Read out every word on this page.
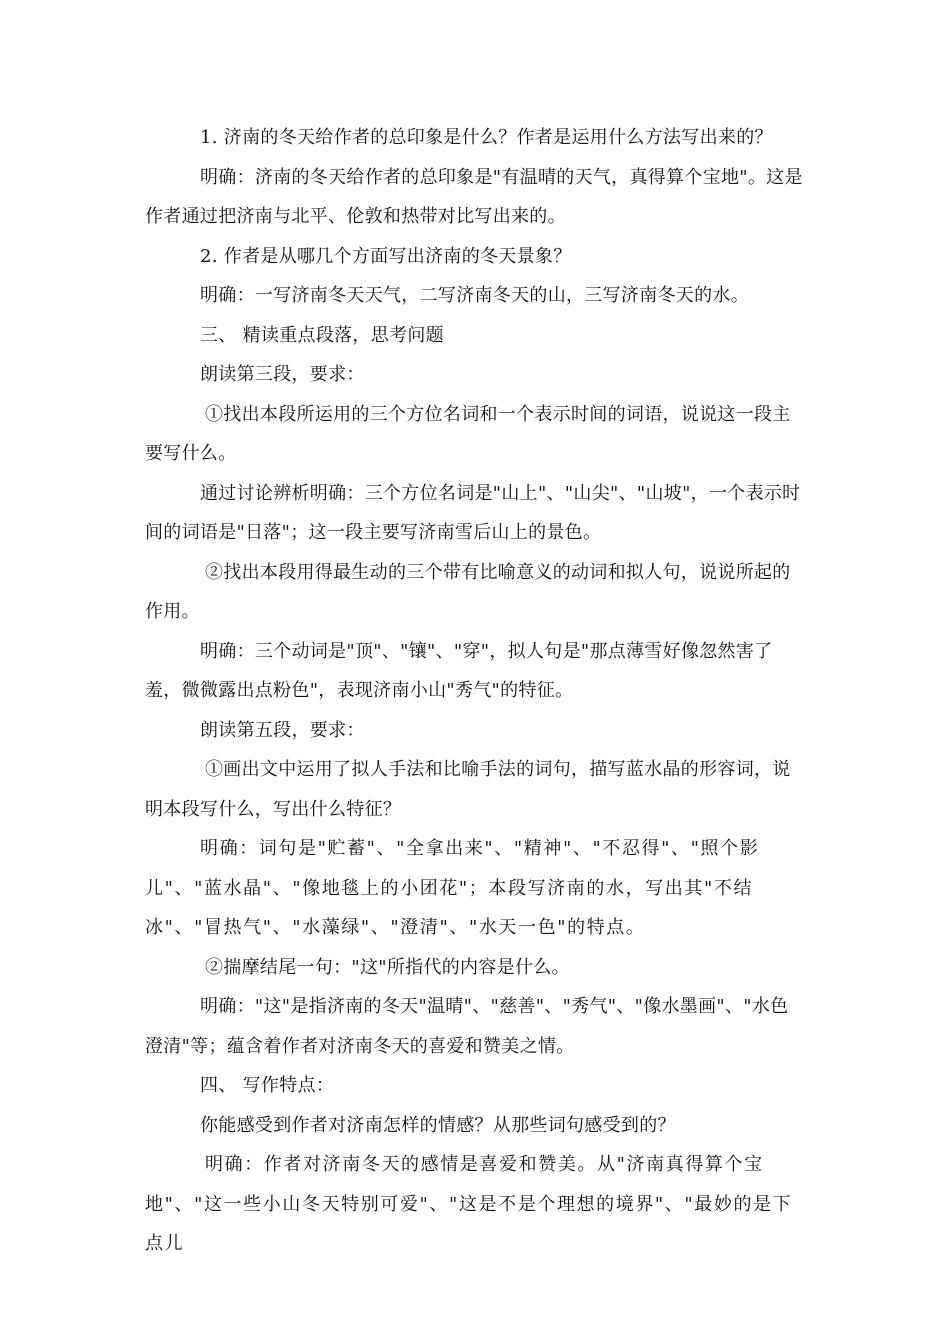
1. 济南的冬天给作者的总印象是什么？作者是运用什么方法写出来的？

明确：济南的冬天给作者的总印象是"有温晴的天气，真得算个宝地"。这是作者通过把济南与北平、伦敦和热带对比写出来的。

2. 作者是从哪几个方面写出济南的冬天景象？

明确：一写济南冬天天气，二写济南冬天的山，三写济南冬天的水。

三、 精读重点段落，思考问题

朗读第三段，要求：

①找出本段所运用的三个方位名词和一个表示时间的词语，说说这一段主要写什么。

通过讨论辨析明确：三个方位名词是"山上"、"山尖"、"山坡"，一个表示时间的词语是"日落"；这一段主要写济南雪后山上的景色。

②找出本段用得最生动的三个带有比喻意义的动词和拟人句，说说所起的作用。

明确：三个动词是"顶"、"镶"、"穿"，拟人句是"那点薄雪好像忽然害了羞，微微露出点粉色"，表现济南小山"秀气"的特征。

朗读第五段，要求：

①画出文中运用了拟人手法和比喻手法的词句，描写蓝水晶的形容词，说明本段写什么，写出什么特征？

明确：词句是"贮蓄"、"全拿出来"、"精神"、"不忍得"、"照个影儿"、"蓝水晶"、"像地毯上的小团花"；本段写济南的水，写出其"不结冰"、"冒热气"、"水藻绿"、"澄清"、"水天一色"的特点。

②揣摩结尾一句："这"所指代的内容是什么。

明确："这"是指济南的冬天"温晴"、"慈善"、"秀气"、"像水墨画"、"水色澄清"等；蕴含着作者对济南冬天的喜爱和赞美之情。

四、 写作特点：

你能感受到作者对济南怎样的情感？从那些词句感受到的？

明确：作者对济南冬天的感情是喜爱和赞美。从"济南真得算个宝地"、"这一些小山冬天特别可爱"、"这是不是个理想的境界"、"最妙的是下点儿
